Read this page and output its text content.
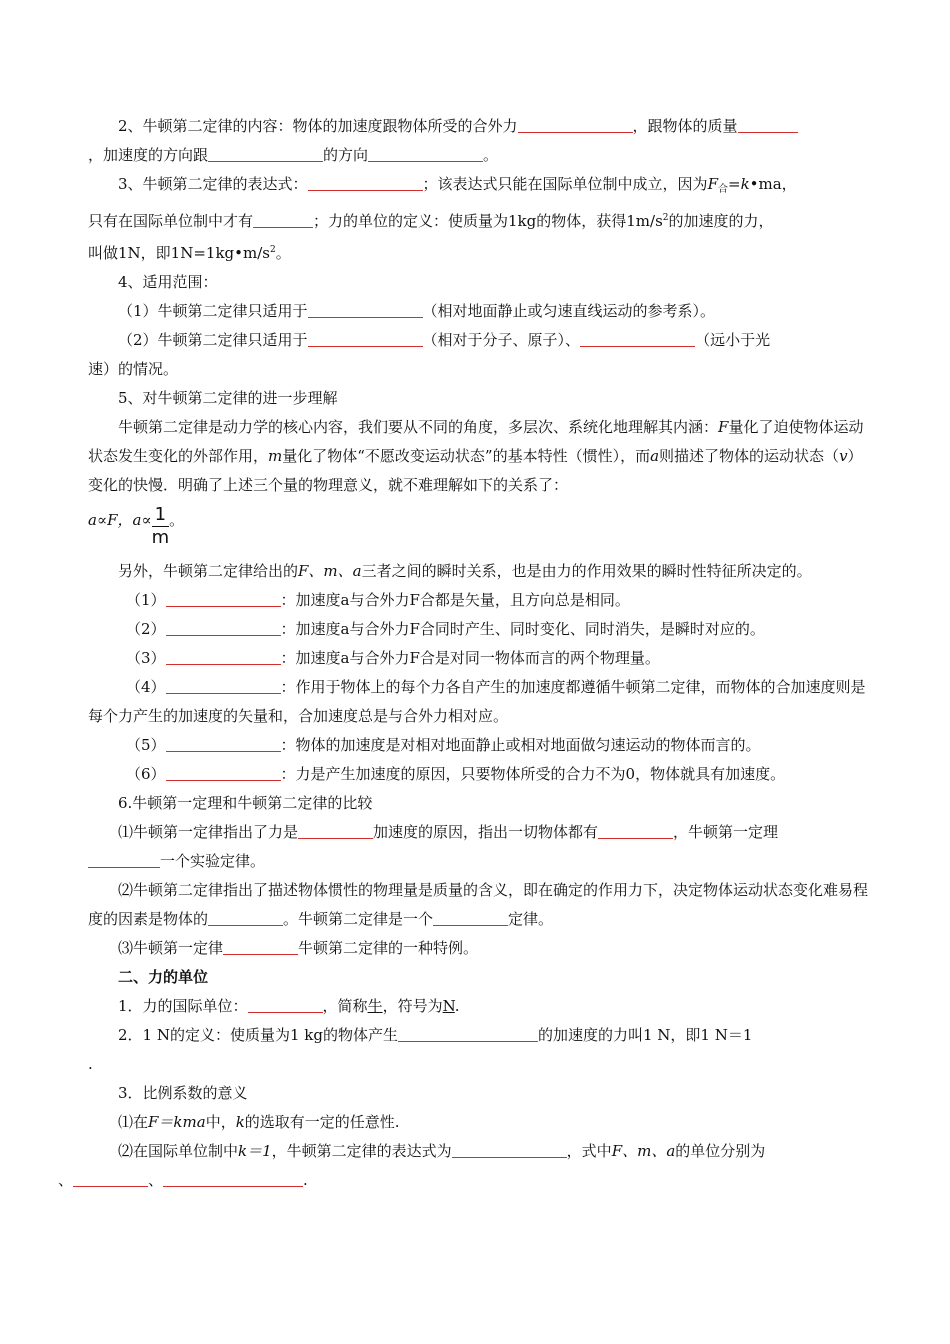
2、牛顿第二定律的内容：物体的加速度跟物体所受的合外力	，跟物体的质量
，加速度的方向跟	的方向	。

3、牛顿第二定律的表达式：	；该表达式只能在国际单位制中成立，因为$F_合=k•ma$，
只有在国际单位制中才有	；力的单位的定义：使质量为1kg的物体，获得$1m/s^2$的加速度的力，
叫做1N，即$1N=1kg•m/s^2$。

4、适用范围：

（1）牛顿第二定律只适用于	（相对地面静止或匀速直线运动的参考系）。

（2）牛顿第二定律只适用于	（相对于分子、原子）、	（远小于光
速）的情况。

5、对牛顿第二定律的进一步理解

牛顿第二定律是动力学的核心内容，我们要从不同的角度，多层次、系统化地理解其内涵：F量化了迫使物体运动状态发生变化的外部作用，m量化了物体“不愿改变运动状态”的基本特性（惯性），而a则描述了物体的运动状态（v）变化的快慢．明确了上述三个量的物理意义，就不难理解如下的关系了：

a∝F，$a\propto \frac{1}{m}$ 。

另外，牛顿第二定律给出的F、m、a三者之间的瞬时关系，也是由力的作用效果的瞬时性特征所决定的。

（1）	：加速度a与合外力F合都是矢量，且方向总是相同。

（2）	：加速度a与合外力F合同时产生、同时变化、同时消失，是瞬时对应的。

（3）	：加速度a与合外力F合是对同一物体而言的两个物理量。

（4）	：作用于物体上的每个力各自产生的加速度都遵循牛顿第二定律，而物体的合加速度则是每个力产生的加速度的矢量和，合加速度总是与合外力相对应。

（5）	：物体的加速度是对相对地面静止或相对地面做匀速运动的物体而言的。

（6）	：力是产生加速度的原因，只要物体所受的合力不为0，物体就具有加速度。

6.牛顿第一定理和牛顿第二定律的比较

⑴牛顿第一定律指出了力是	加速度的原因，指出一切物体都有	，牛顿第一定理
一个实验定律。

⑵牛顿第二定律指出了描述物体惯性的物理量是质量的含义，即在确定的作用力下，决定物体运动状态变化难易程度的因素是物体的	。牛顿第二定律是一个	定律。

⑶牛顿第一定律	牛顿第二定律的一种特例。

二、力的单位

1．力的国际单位：	，简称牛，符号为N.

2．1 N的定义：使质量为1 kg的物体产生	的加速度的力叫1 N，即1 N＝1
.

3．比例系数的意义

⑴在F＝kma中，k的选取有一定的任意性.

⑵在国际单位制中k＝1，牛顿第二定律的表达式为	，式中F、m、a的单位分别为
、	、	.
